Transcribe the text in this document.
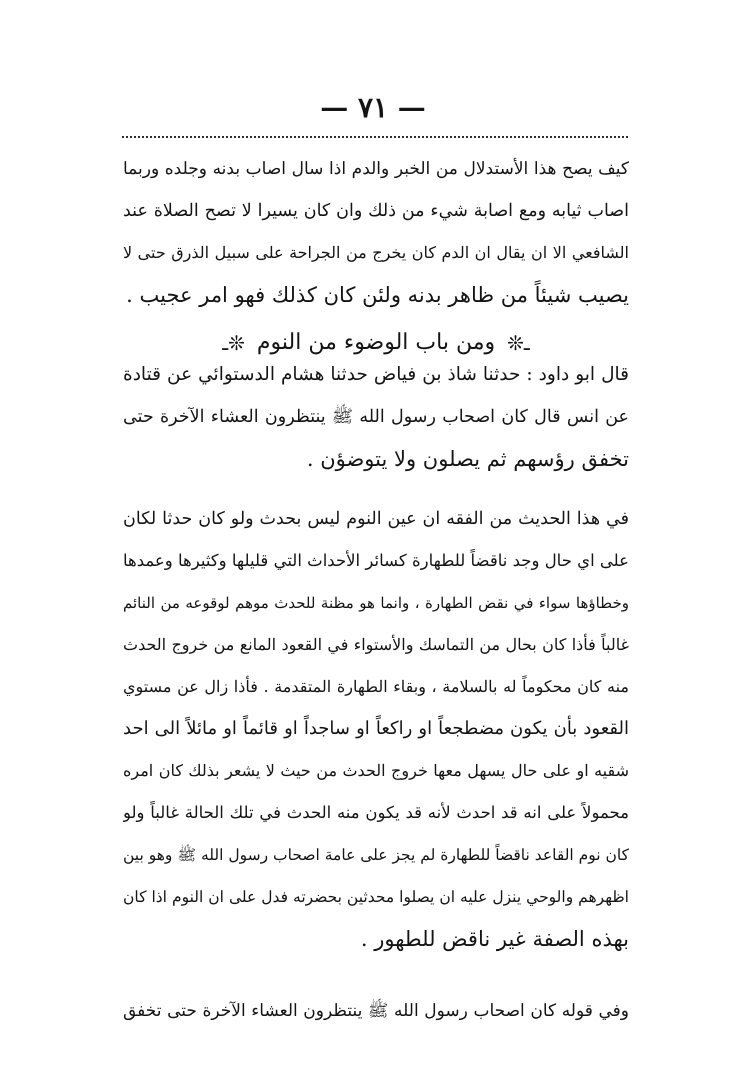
— ٧١ —
كيف يصح هذا الأستدلال من الخبر والدم اذا سال اصاب بدنه وجلده وربما
اصاب ثيابه ومع اصابة شيء من ذلك وان كان يسيرا لا تصح الصلاة عند
الشافعي الا ان يقال ان الدم كان يخرج من الجراحة على سبيل الذرق حتى لا
يصيب شيئاً من ظاهر بدنه ولئن كان كذلك فهو امر عجيب .
ـ❊
ومن باب الوضوء من النوم
❊ـ
قال ابو داود : حدثنا شاذ بن فياض حدثنا هشام الدستوائي عن قتادة
عن انس قال كان اصحاب رسول الله ﷺ ينتظرون العشاء الآخرة حتى
تخفق رؤسهم ثم يصلون ولا يتوضؤن .
في هذا الحديث من الفقه ان عين النوم ليس بحدث ولو كان حدثا لكان
على اي حال وجد ناقضاً للطهارة كسائر الأحداث التي قليلها وكثيرها وعمدها
وخطاؤها سواء في نقض الطهارة ، وانما هو مظنة للحدث موهم لوقوعه من النائم
غالباً فأذا كان بحال من التماسك والأستواء في القعود المانع من خروج الحدث
منه كان محكوماً له بالسلامة ، وبقاء الطهارة المتقدمة . فأذا زال عن مستوي
القعود بأن يكون مضطجعاً او راكعاً او ساجداً او قائماً او مائلاً الى احد
شقيه او على حال يسهل معها خروج الحدث من حيث لا يشعر بذلك كان امره
محمولاً على انه قد احدث لأنه قد يكون منه الحدث في تلك الحالة غالباً ولو
كان نوم القاعد ناقضاً للطهارة لم يجز على عامة اصحاب رسول الله ﷺ وهو بين
اظهرهم والوحي ينزل عليه ان يصلوا محدثين بحضرته فدل على ان النوم اذا كان
بهذه الصفة غير ناقض للطهور .
وفي قوله كان اصحاب رسول الله ﷺ ينتظرون العشاء الآخرة حتى تخفق
